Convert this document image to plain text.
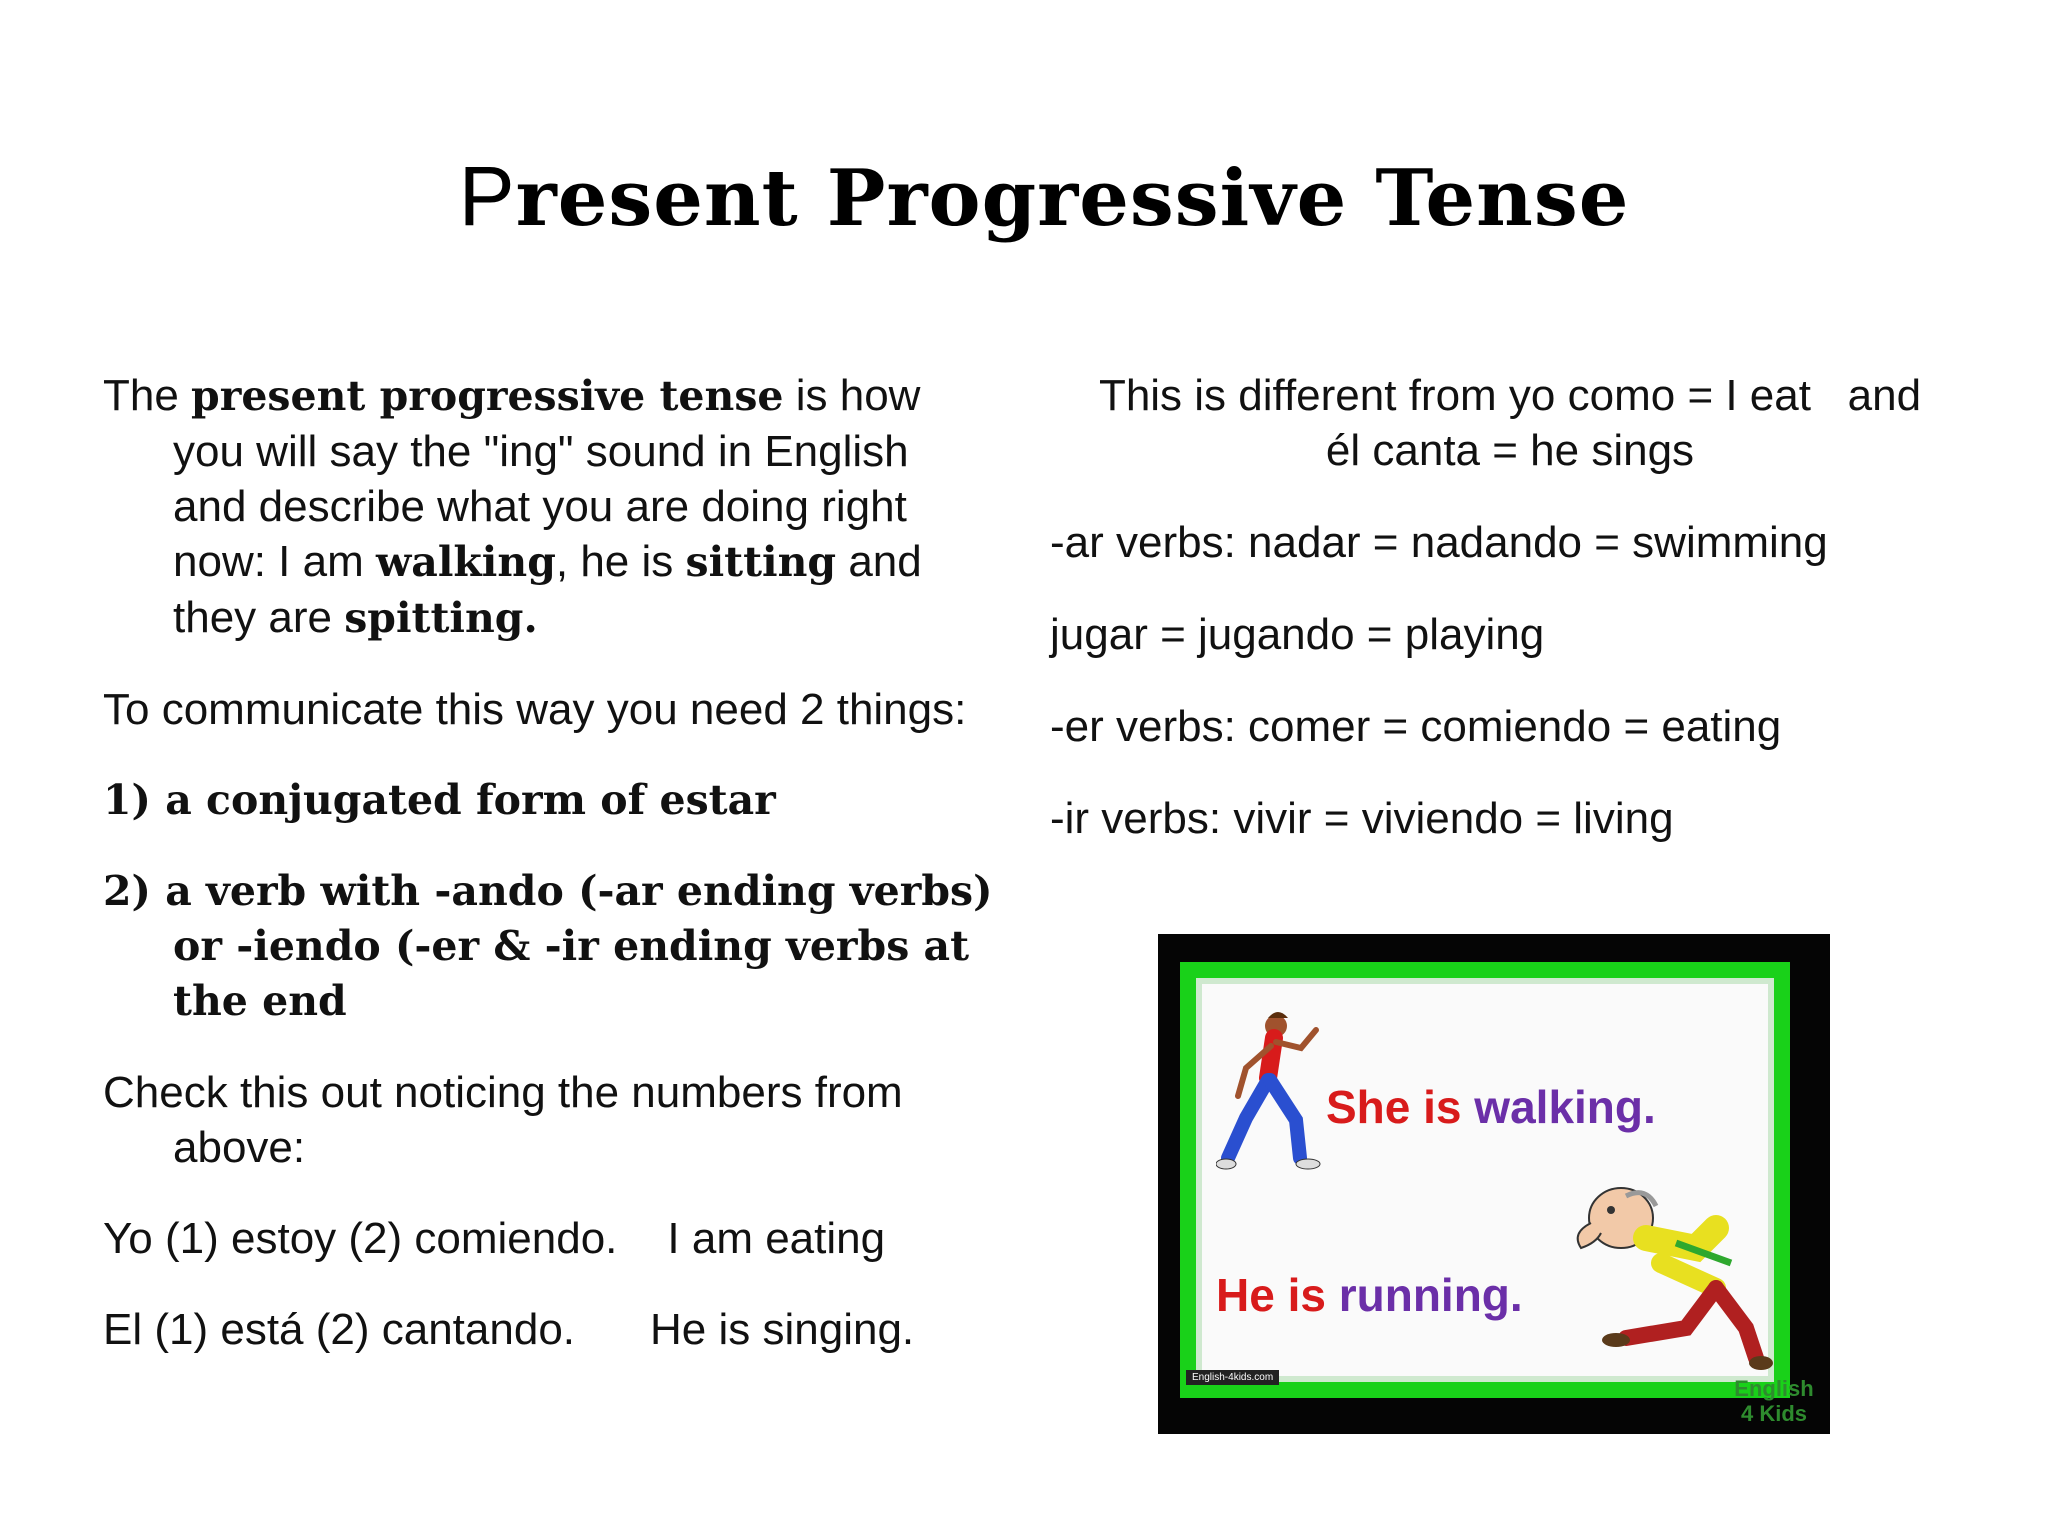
Present Progressive Tense

The present progressive tense is how you will say the "ing" sound in English and describe what you are doing right now: I am walking, he is sitting and they are spitting.

To communicate this way you need 2 things:

1) a conjugated form of estar

2) a verb with -ando (-ar ending verbs) or -iendo (-er & -ir ending verbs at the end

Check this out noticing the numbers from above:

Yo (1) estoy (2) comiendo. I am eating

El (1) está (2) cantando. He is singing.

This is different from yo como = I eat   and
él canta = he sings

-ar verbs: nadar = nadando = swimming

jugar = jugando = playing

-er verbs: comer = comiendo = eating

-ir verbs: vivir = viviendo = living

She is walking.
He is running.
English-4kids.com	English
4 Kids
